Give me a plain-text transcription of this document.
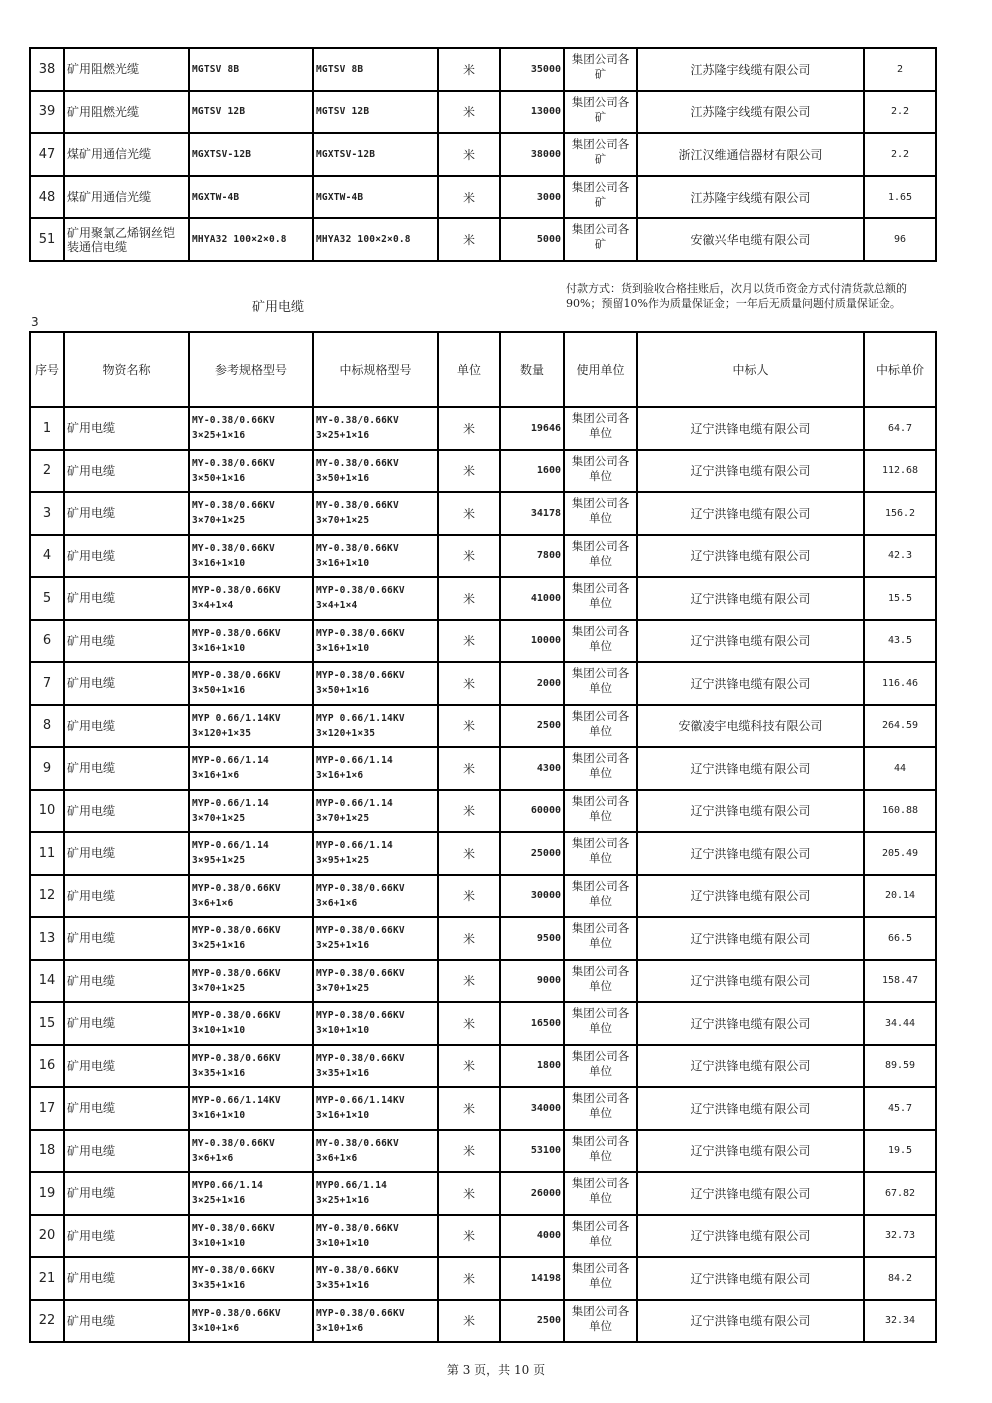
38	矿用阻燃光缆	MGTSV 8B	MGTSV 8B	米	35000	集团公司各矿	江苏隆宇线缆有限公司	2
39	矿用阻燃光缆	MGTSV 12B	MGTSV 12B	米	13000	集团公司各矿	江苏隆宇线缆有限公司	2.2
47	煤矿用通信光缆	MGXTSV-12B	MGXTSV-12B	米	38000	集团公司各矿	浙江汉维通信器材有限公司	2.2
48	煤矿用通信光缆	MGXTW-4B	MGXTW-4B	米	3000	集团公司各矿	江苏隆宇线缆有限公司	1.65
51	矿用聚氯乙烯钢丝铠装通信电缆	MHYA32 100×2×0.8	MHYA32 100×2×0.8	米	5000	集团公司各矿	安徽兴华电缆有限公司	96
矿用电缆
3
付款方式：货到验收合格挂账后，次月以货币资金方式付清货款总额的90%；预留10%作为质量保证金；一年后无质量问题付质量保证金。
序号	物资名称	参考规格型号	中标规格型号	单位	数量	使用单位	中标人	中标单价
1	矿用电缆	MY-0.38/0.66KV 3×25+1×16	MY-0.38/0.66KV 3×25+1×16	米	19646	集团公司各单位	辽宁洪锋电缆有限公司	64.7
2	矿用电缆	MY-0.38/0.66KV 3×50+1×16	MY-0.38/0.66KV 3×50+1×16	米	1600	集团公司各单位	辽宁洪锋电缆有限公司	112.68
3	矿用电缆	MY-0.38/0.66KV 3×70+1×25	MY-0.38/0.66KV 3×70+1×25	米	34178	集团公司各单位	辽宁洪锋电缆有限公司	156.2
4	矿用电缆	MY-0.38/0.66KV 3×16+1×10	MY-0.38/0.66KV 3×16+1×10	米	7800	集团公司各单位	辽宁洪锋电缆有限公司	42.3
5	矿用电缆	MYP-0.38/0.66KV 3×4+1×4	MYP-0.38/0.66KV 3×4+1×4	米	41000	集团公司各单位	辽宁洪锋电缆有限公司	15.5
6	矿用电缆	MYP-0.38/0.66KV 3×16+1×10	MYP-0.38/0.66KV 3×16+1×10	米	10000	集团公司各单位	辽宁洪锋电缆有限公司	43.5
7	矿用电缆	MYP-0.38/0.66KV 3×50+1×16	MYP-0.38/0.66KV 3×50+1×16	米	2000	集团公司各单位	辽宁洪锋电缆有限公司	116.46
8	矿用电缆	MYP 0.66/1.14KV 3×120+1×35	MYP 0.66/1.14KV 3×120+1×35	米	2500	集团公司各单位	安徽凌宇电缆科技有限公司	264.59
9	矿用电缆	MYP-0.66/1.14 3×16+1×6	MYP-0.66/1.14 3×16+1×6	米	4300	集团公司各单位	辽宁洪锋电缆有限公司	44
10	矿用电缆	MYP-0.66/1.14 3×70+1×25	MYP-0.66/1.14 3×70+1×25	米	60000	集团公司各单位	辽宁洪锋电缆有限公司	160.88
11	矿用电缆	MYP-0.66/1.14 3×95+1×25	MYP-0.66/1.14 3×95+1×25	米	25000	集团公司各单位	辽宁洪锋电缆有限公司	205.49
12	矿用电缆	MYP-0.38/0.66KV 3×6+1×6	MYP-0.38/0.66KV 3×6+1×6	米	30000	集团公司各单位	辽宁洪锋电缆有限公司	20.14
13	矿用电缆	MYP-0.38/0.66KV 3×25+1×16	MYP-0.38/0.66KV 3×25+1×16	米	9500	集团公司各单位	辽宁洪锋电缆有限公司	66.5
14	矿用电缆	MYP-0.38/0.66KV 3×70+1×25	MYP-0.38/0.66KV 3×70+1×25	米	9000	集团公司各单位	辽宁洪锋电缆有限公司	158.47
15	矿用电缆	MYP-0.38/0.66KV 3×10+1×10	MYP-0.38/0.66KV 3×10+1×10	米	16500	集团公司各单位	辽宁洪锋电缆有限公司	34.44
16	矿用电缆	MYP-0.38/0.66KV 3×35+1×16	MYP-0.38/0.66KV 3×35+1×16	米	1800	集团公司各单位	辽宁洪锋电缆有限公司	89.59
17	矿用电缆	MYP-0.66/1.14KV 3×16+1×10	MYP-0.66/1.14KV 3×16+1×10	米	34000	集团公司各单位	辽宁洪锋电缆有限公司	45.7
18	矿用电缆	MY-0.38/0.66KV 3×6+1×6	MY-0.38/0.66KV 3×6+1×6	米	53100	集团公司各单位	辽宁洪锋电缆有限公司	19.5
19	矿用电缆	MYP0.66/1.14 3×25+1×16	MYP0.66/1.14 3×25+1×16	米	26000	集团公司各单位	辽宁洪锋电缆有限公司	67.82
20	矿用电缆	MY-0.38/0.66KV 3×10+1×10	MY-0.38/0.66KV 3×10+1×10	米	4000	集团公司各单位	辽宁洪锋电缆有限公司	32.73
21	矿用电缆	MY-0.38/0.66KV 3×35+1×16	MY-0.38/0.66KV 3×35+1×16	米	14198	集团公司各单位	辽宁洪锋电缆有限公司	84.2
22	矿用电缆	MYP-0.38/0.66KV 3×10+1×6	MYP-0.38/0.66KV 3×10+1×6	米	2500	集团公司各单位	辽宁洪锋电缆有限公司	32.34
第 3 页，共 10 页
